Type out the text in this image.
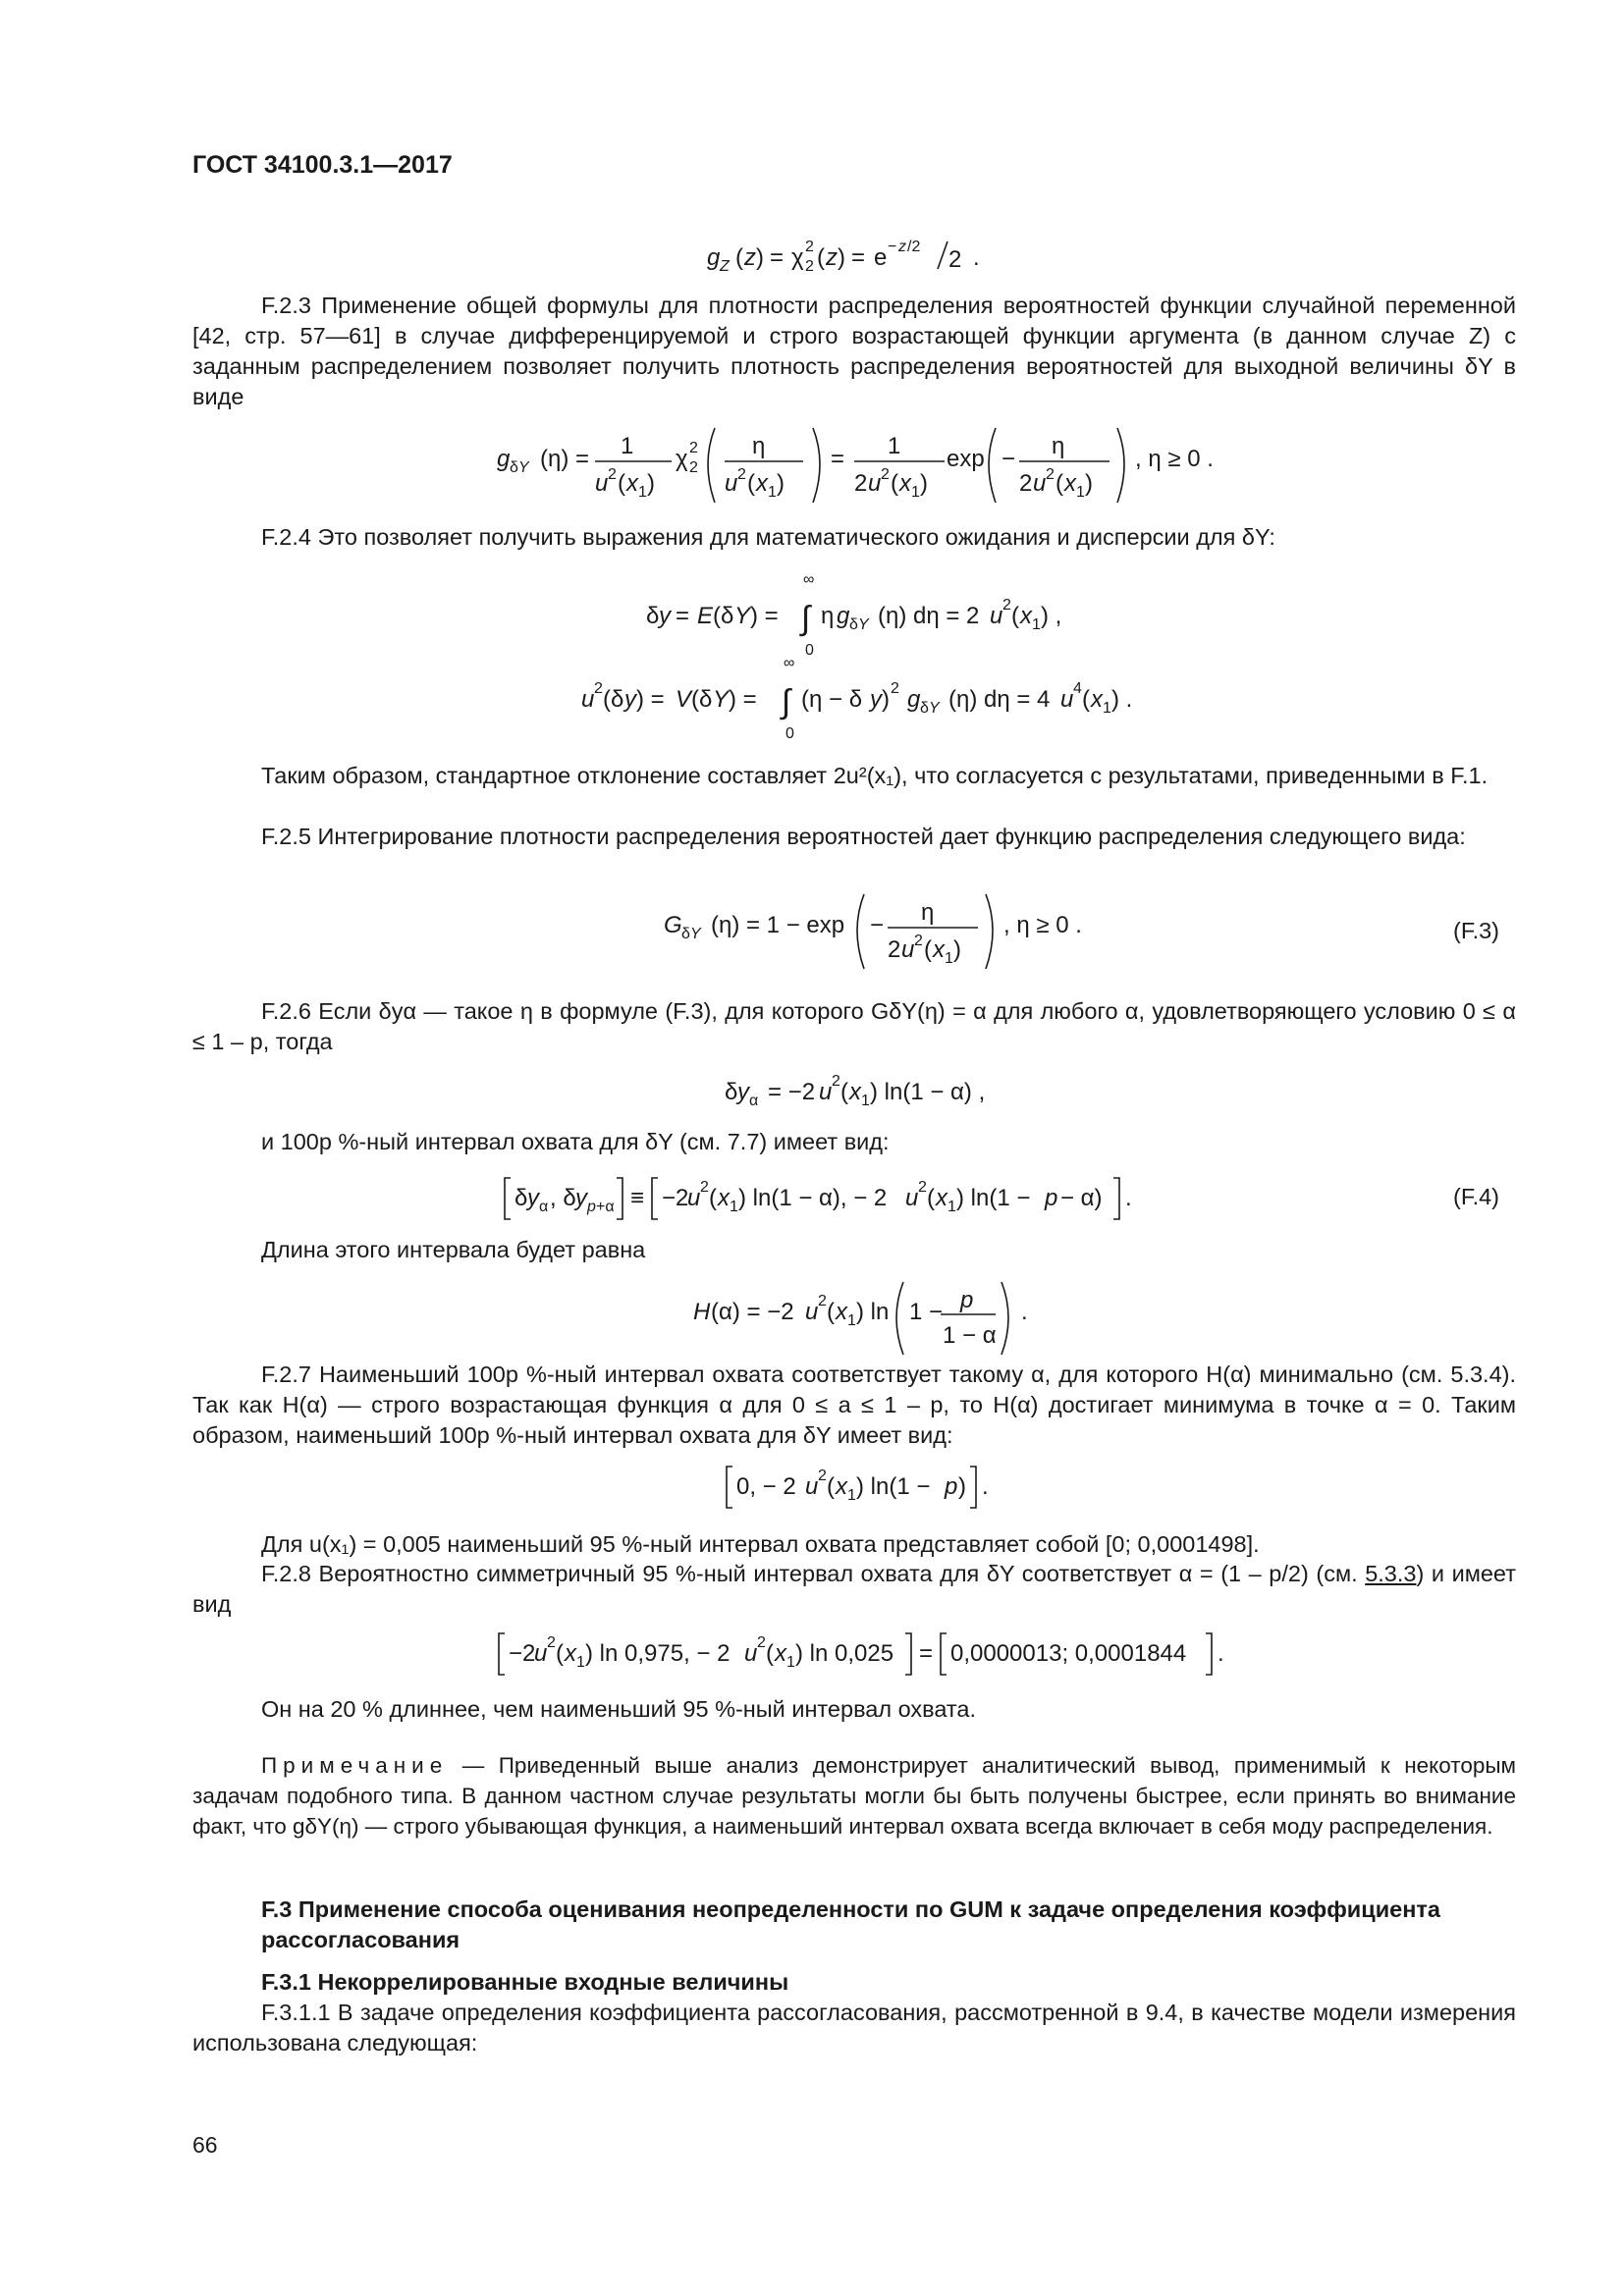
ГОСТ 34100.3.1—2017
g Z ( z ) = χ 2
2 ( z ) = e − z /2 2 .

F.2.3 Применение общей формулы для плотности распределения вероятностей функции случайной переменной [42, стр. 57—61] в случае дифференцируемой и строго возрастающей функции аргумента (в данном случае Z) с заданным распределением позволяет получить плотность распределения вероятностей для выходной величины δY в виде

g δ Y (η) = 1
u 2 ( x 1 )
χ 2
2 η
u 2 ( x 1 )
= 1
2 u 2 ( x 1 )
exp − η
2 u 2 ( x 1 )
, η ≥ 0 .

F.2.4 Это позволяет получить выражения для математического ожидания и дисперсии для δY:

δ y = E (δ Y ) =
∞
∫
0
η g δ Y (η) dη = 2 u 2 ( x 1 ) ,
u 2 (δ y ) = V (δ Y ) =
∞
∫
0
(η − δ y ) 2 g δ Y (η) dη = 4 u 4 ( x 1 ) .

Таким образом, стандартное отклонение составляет 2u²(x₁), что согласуется с результатами, приведенными в F.1.

F.2.5 Интегрирование плотности распределения вероятностей дает функцию распределения следующего вида:

G δ Y (η) = 1 − exp − η
2 u 2 ( x 1 )
, η ≥ 0 .	(F.3)

F.2.6 Если δyα — такое η в формуле (F.3), для которого GδY(η) = α для любого α, удовлетворяющего условию 0 ≤ α ≤ 1 – p, тогда

δ y α = −2 u 2 ( x 1 ) ln(1 − α) ,

и 100p %-ный интервал охвата для δY (см. 7.7) имеет вид:

δ y α , δ y p +α ≡ −2
u 2 ( x 1 ) ln(1 − α), − 2 u 2 ( x 1 ) ln(1 − p − α) .	(F.4)

Длина этого интервала будет равна

H (α) = −2 u 2 ( x 1 ) ln 1 − p
1 − α
.

F.2.7 Наименьший 100p %-ный интервал охвата соответствует такому α, для которого H(α) минимально (см. 5.3.4). Так как H(α) — строго возрастающая функция α для 0 ≤ a ≤ 1 – p, то H(α) достигает минимума в точке α = 0. Таким образом, наименьший 100p %-ный интервал охвата для δY имеет вид:

0, − 2 u 2 ( x 1 ) ln(1 − p ) .

Для u(x₁) = 0,005 наименьший 95 %-ный интервал охвата представляет собой [0; 0,0001498].

F.2.8 Вероятностно симметричный 95 %-ный интервал охвата для δY соответствует α = (1 – p/2) (см. 5.3.3) и имеет вид

−2
u 2 ( x 1 ) ln 0,975, − 2 u 2 ( x 1 ) ln 0,025 = 0,0000013; 0,0001844 .

Он на 20 % длиннее, чем наименьший 95 %-ный интервал охвата.

Примечание — Приведенный выше анализ демонстрирует аналитический вывод, применимый к некоторым задачам подобного типа. В данном частном случае результаты могли бы быть получены быстрее, если принять во внимание факт, что gδY(η) — строго убывающая функция, а наименьший интервал охвата всегда включает в себя моду распределения.

F.3 Применение способа оценивания неопределенности по GUM к задаче определения коэффициента рассогласования

F.3.1 Некоррелированные входные величины

F.3.1.1 В задаче определения коэффициента рассогласования, рассмотренной в 9.4, в качестве модели измерения использована следующая:

66
